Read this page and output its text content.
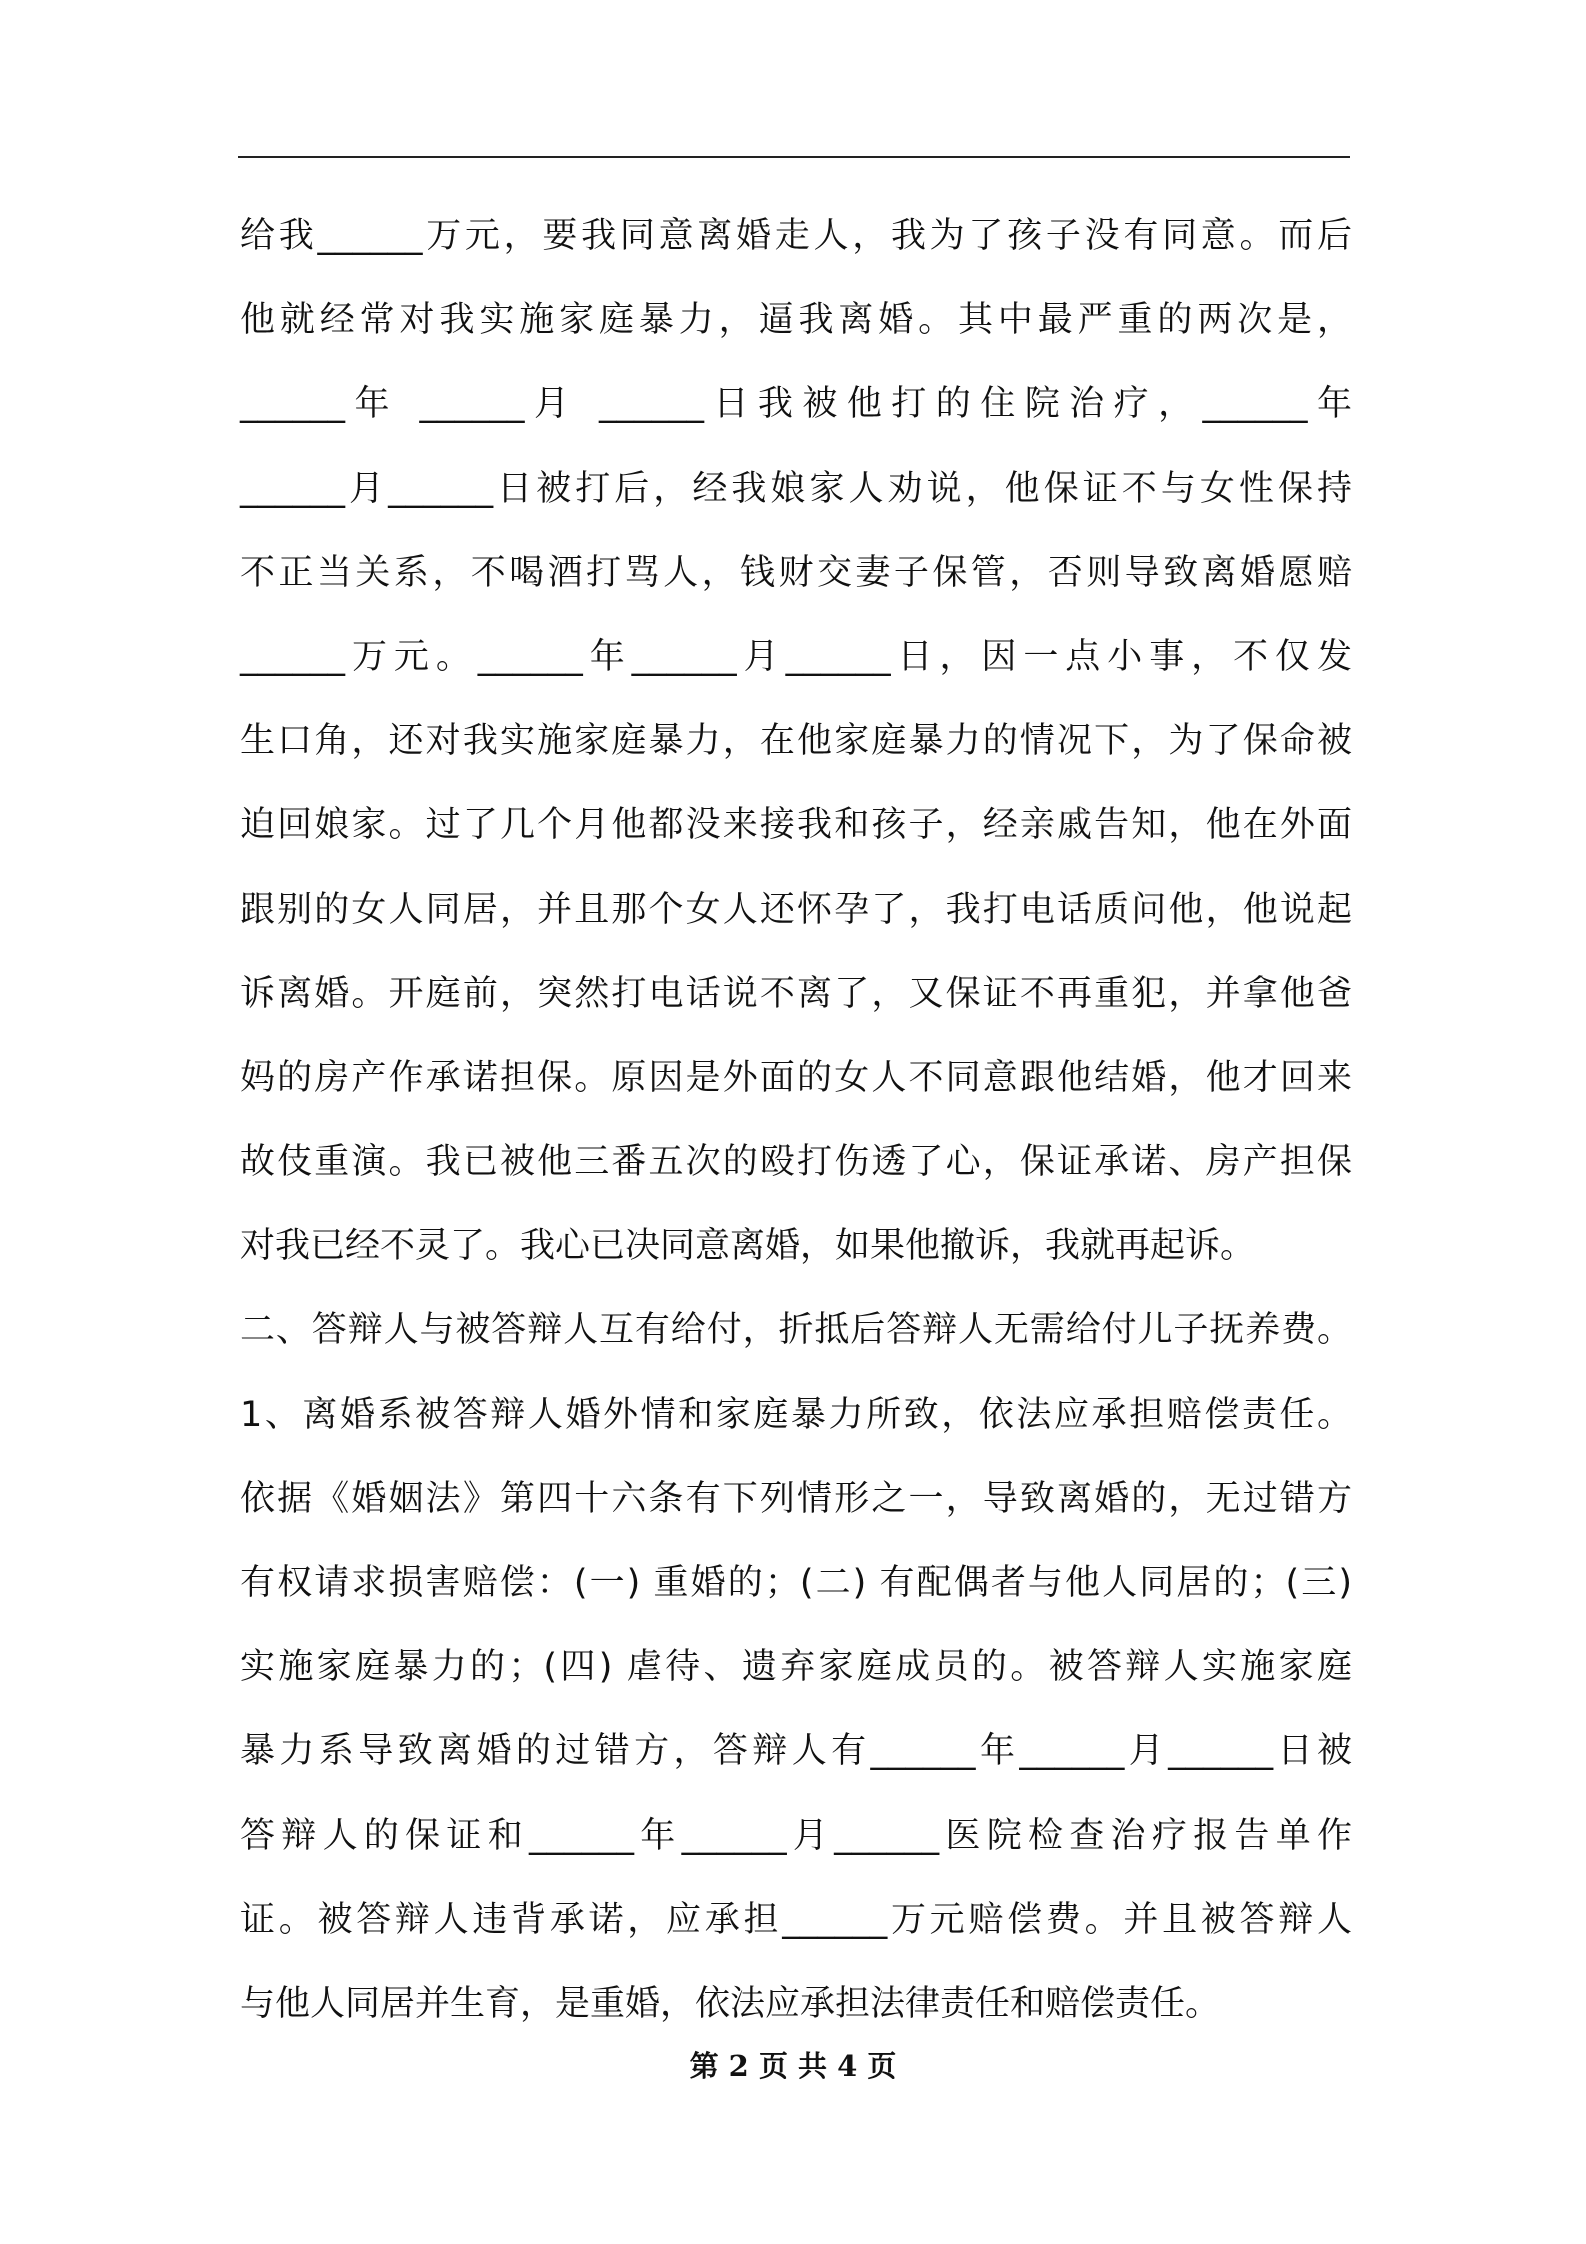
给我______万元，要我同意离婚走人，我为了孩子没有同意。而后
他就经常对我实施家庭暴力，逼我离婚。其中最严重的两次是，
______年 ______月 ______日我被他打的住院治疗，______年
______月______日被打后，经我娘家人劝说，他保证不与女性保持
不正当关系，不喝酒打骂人，钱财交妻子保管，否则导致离婚愿赔
______万元。______年______月______日，因一点小事，不仅发
生口角，还对我实施家庭暴力，在他家庭暴力的情况下，为了保命被
迫回娘家。过了几个月他都没来接我和孩子，经亲戚告知，他在外面
跟别的女人同居，并且那个女人还怀孕了，我打电话质问他，他说起
诉离婚。开庭前，突然打电话说不离了，又保证不再重犯，并拿他爸
妈的房产作承诺担保。原因是外面的女人不同意跟他结婚，他才回来
故伎重演。我已被他三番五次的殴打伤透了心，保证承诺、房产担保
对我已经不灵了。我心已决同意离婚，如果他撤诉，我就再起诉。
二、答辩人与被答辩人互有给付，折抵后答辩人无需给付儿子抚养费。
1、离婚系被答辩人婚外情和家庭暴力所致，依法应承担赔偿责任。
依据《婚姻法》第四十六条有下列情形之一，导致离婚的，无过错方
有权请求损害赔偿：(一) 重婚的；(二) 有配偶者与他人同居的；(三)
实施家庭暴力的；(四) 虐待、遗弃家庭成员的。被答辩人实施家庭
暴力系导致离婚的过错方，答辩人有______年______月______日被
答辩人的保证和______年______月______医院检查治疗报告单作
证。被答辩人违背承诺，应承担______万元赔偿费。并且被答辩人
与他人同居并生育，是重婚，依法应承担法律责任和赔偿责任。
第 2 页 共 4 页
